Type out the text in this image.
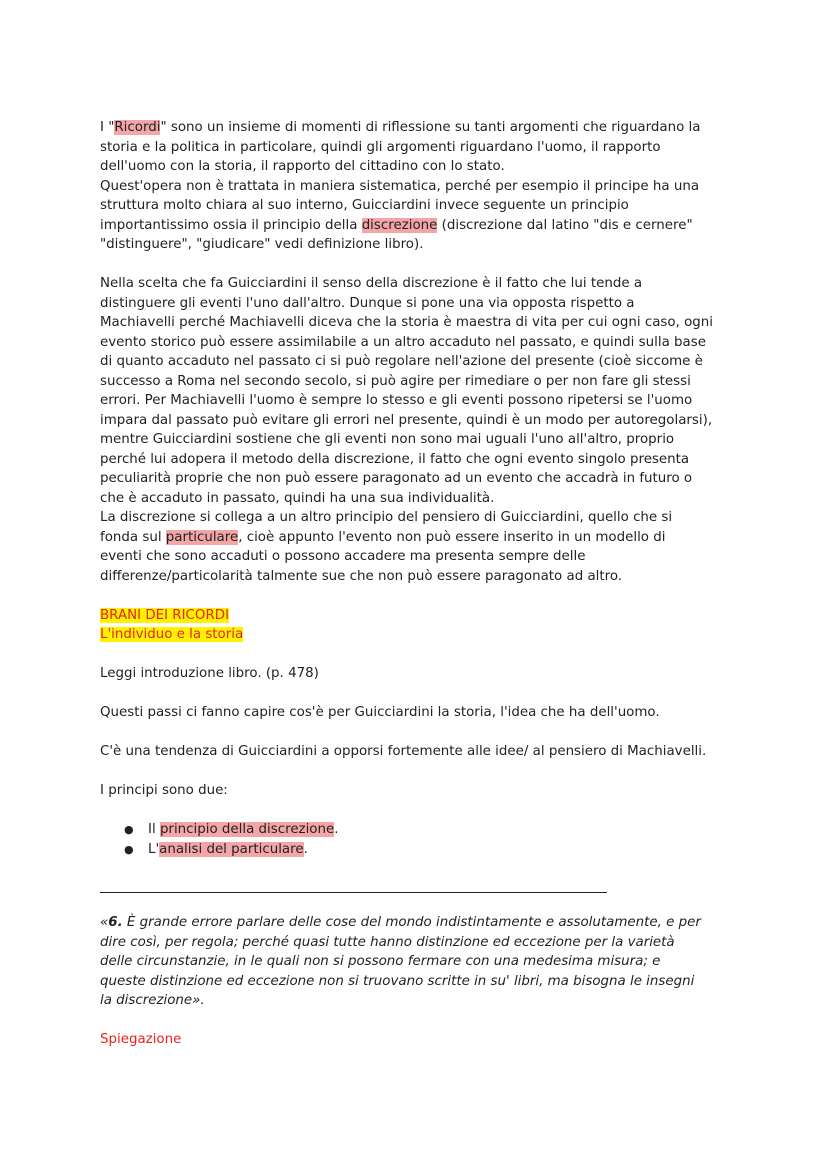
I "Ricordi" sono un insieme di momenti di riflessione su tanti argomenti che riguardano la

storia e la politica in particolare, quindi gli argomenti riguardano l'uomo, il rapporto

dell'uomo con la storia, il rapporto del cittadino con lo stato.

Quest'opera non è trattata in maniera sistematica, perché per esempio il principe ha una

struttura molto chiara al suo interno, Guicciardini invece seguente un principio

importantissimo ossia il principio della discrezione (discrezione dal latino "dis e cernere"

"distinguere", "giudicare" vedi definizione libro).

Nella scelta che fa Guicciardini il senso della discrezione è il fatto che lui tende a

distinguere gli eventi l'uno dall'altro. Dunque si pone una via opposta rispetto a

Machiavelli perché Machiavelli diceva che la storia è maestra di vita per cui ogni caso, ogni

evento storico può essere assimilabile a un altro accaduto nel passato, e quindi sulla base

di quanto accaduto nel passato ci si può regolare nell'azione del presente (cioè siccome è

successo a Roma nel secondo secolo, si può agire per rimediare o per non fare gli stessi

errori. Per Machiavelli l'uomo è sempre lo stesso e gli eventi possono ripetersi se l'uomo

impara dal passato può evitare gli errori nel presente, quindi è un modo per autoregolarsi),

mentre Guicciardini sostiene che gli eventi non sono mai uguali l'uno all'altro, proprio

perché lui adopera il metodo della discrezione, il fatto che ogni evento singolo presenta

peculiarità proprie che non può essere paragonato ad un evento che accadrà in futuro o

che è accaduto in passato, quindi ha una sua individualità.

La discrezione si collega a un altro principio del pensiero di Guicciardini, quello che si

fonda sul particulare, cioè appunto l'evento non può essere inserito in un modello di

eventi che sono accaduti o possono accadere ma presenta sempre delle

differenze/particolarità talmente sue che non può essere paragonato ad altro.

BRANI DEI RICORDI

L'individuo e la storia

Leggi introduzione libro. (p. 478)

Questi passi ci fanno capire cos'è per Guicciardini la storia, l'idea che ha dell'uomo.

C'è una tendenza di Guicciardini a opporsi fortemente alle idee/ al pensiero di Machiavelli.

I principi sono due:

● Il principio della discrezione.
● L'analisi del particulare.

«6. È grande errore parlare delle cose del mondo indistintamente e assolutamente, e per

dire così, per regola; perché quasi tutte hanno distinzione ed eccezione per la varietà

delle circunstanzie, in le quali non si possono fermare con una medesima misura; e

queste distinzione ed eccezione non si truovano scritte in su' libri, ma bisogna le insegni

la discrezione».

Spiegazione
